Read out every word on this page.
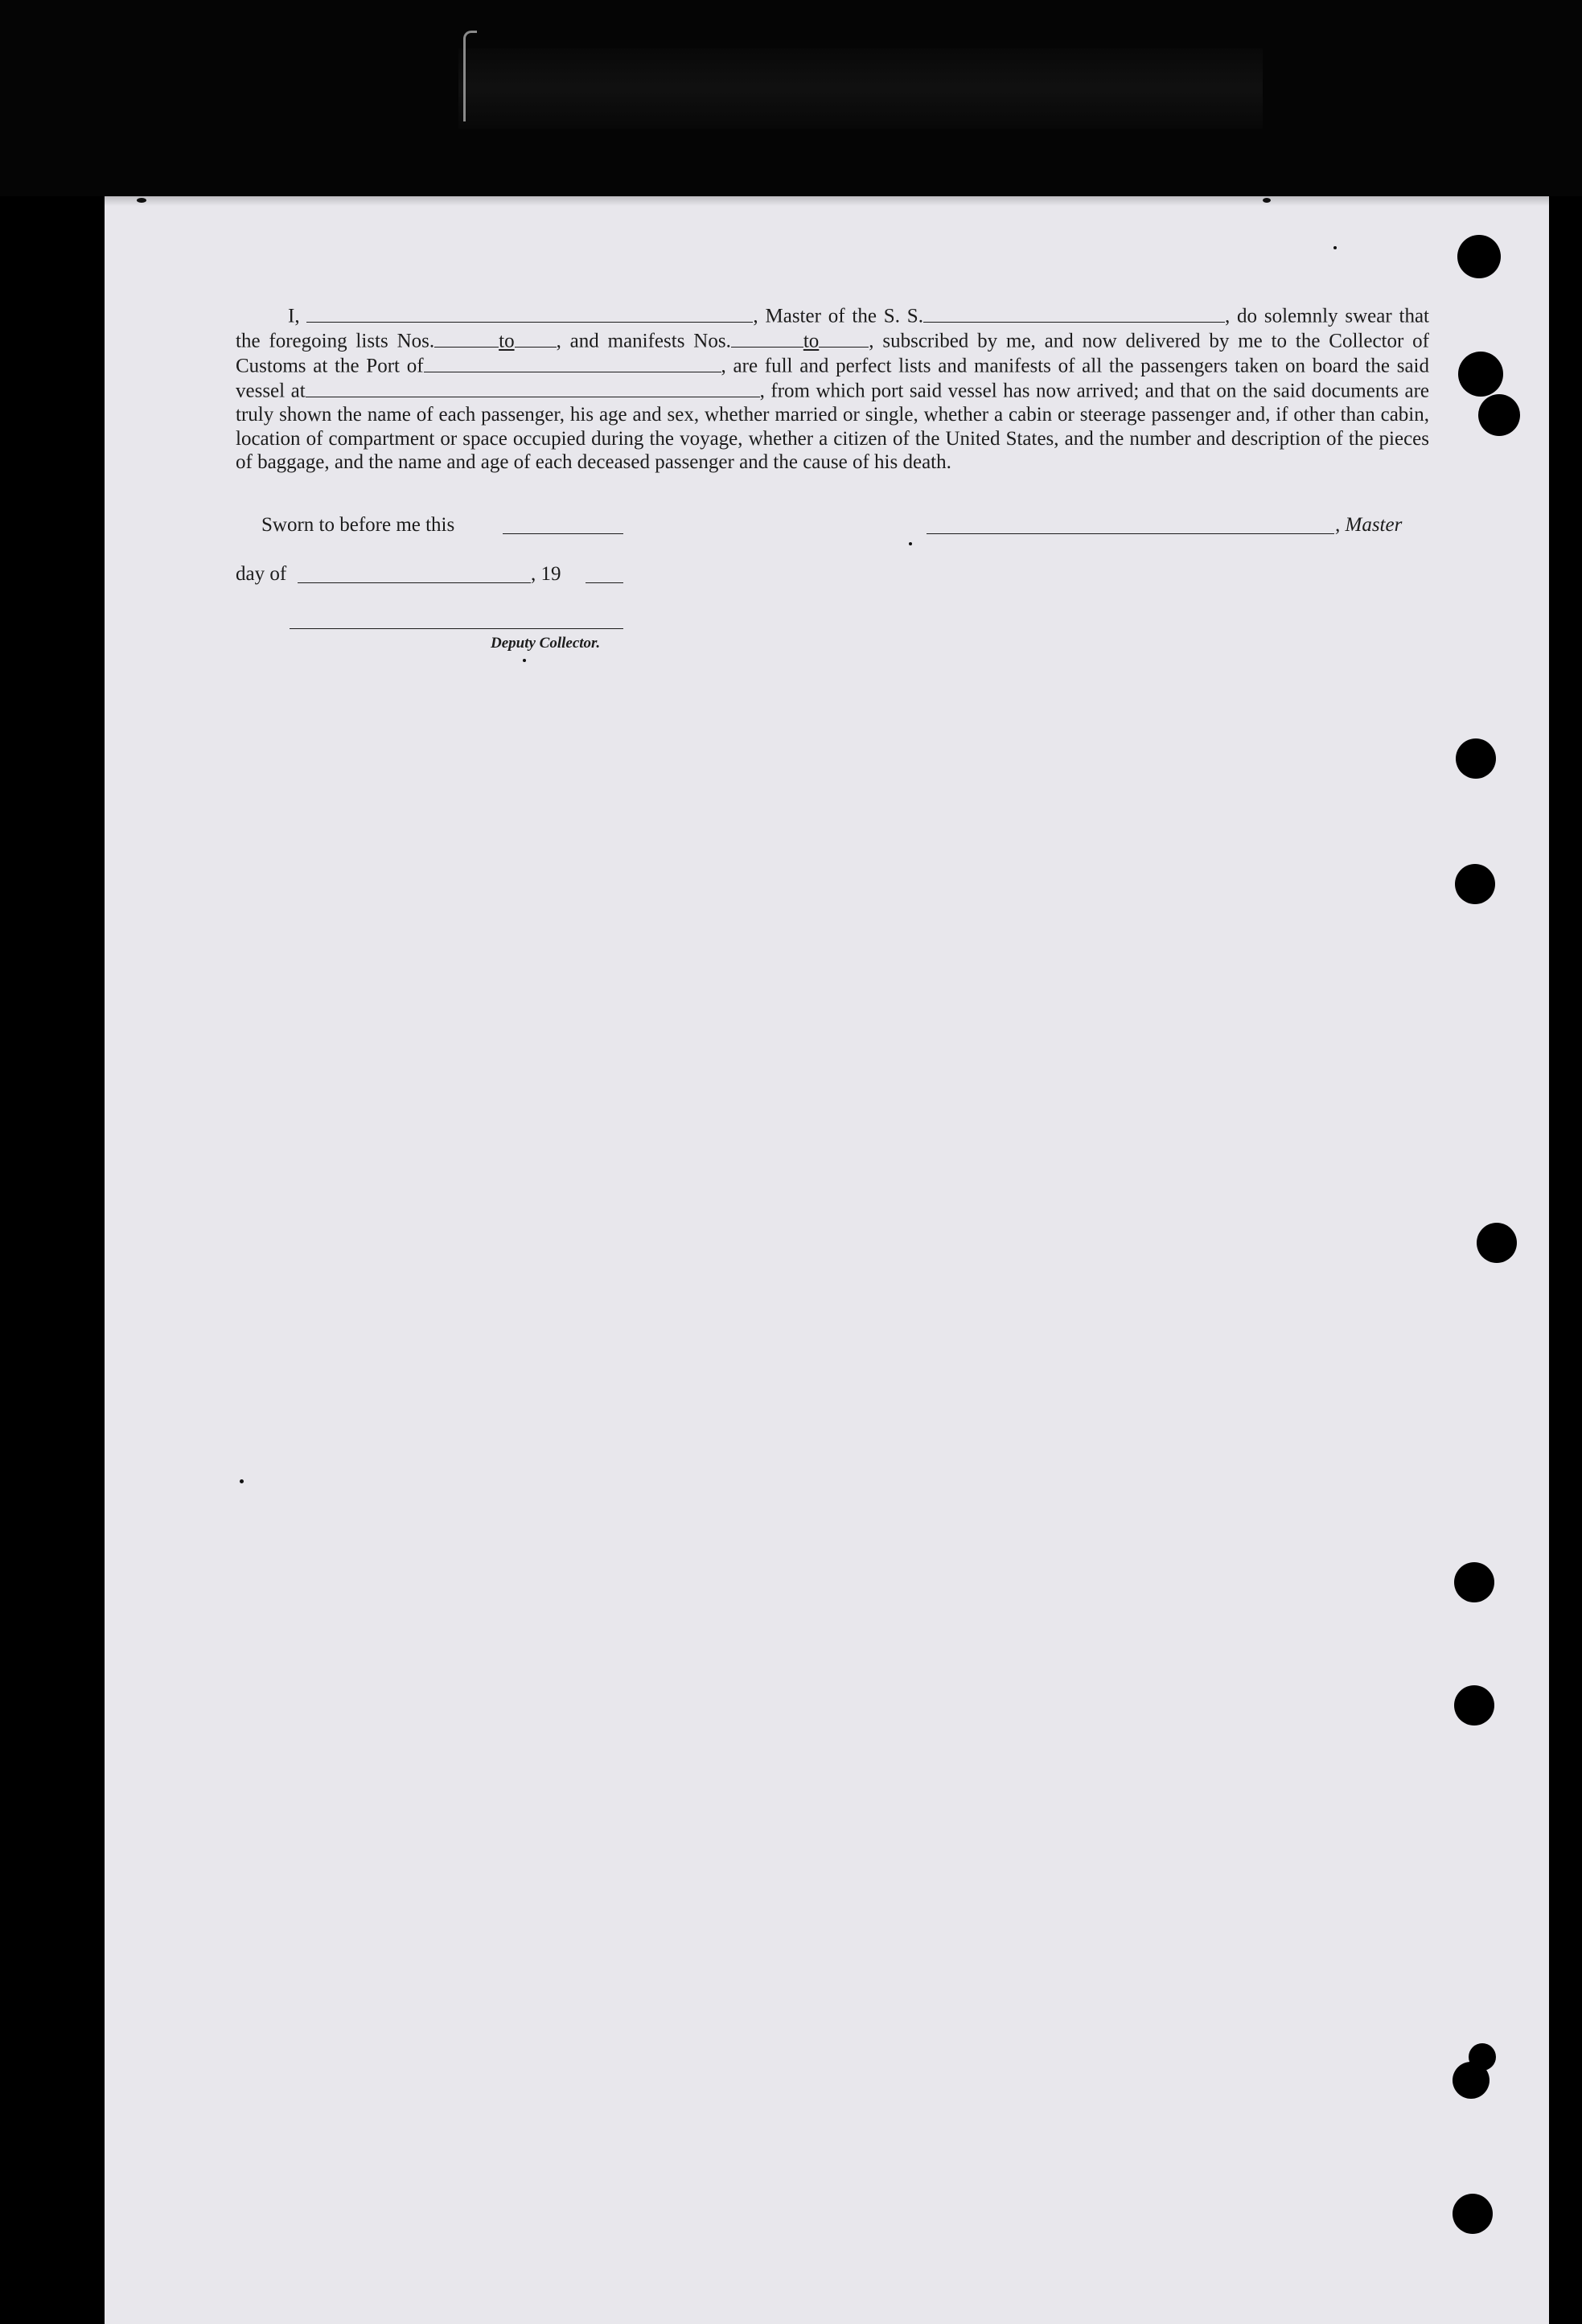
I,	, Master of the S. S.	, do solemnly swear that the foregoing lists Nos.	to , and manifests Nos.	to , subscribed by me, and now delivered by me to the Collector of Customs at the Port of	, are full and perfect lists and manifests of all the passengers taken on board the said vessel at	, from which port said vessel has now arrived; and that on the said documents are truly shown the name of each passenger, his age and sex, whether married or single, whether a cabin or steerage passenger and, if other than cabin, location of compartment or space occupied during the voyage, whether a citizen of the United States, and the number and description of the pieces of baggage, and the name and age of each deceased passenger and the cause of his death.

Sworn to before me this	, Master
day of	, 19
Deputy Collector.
